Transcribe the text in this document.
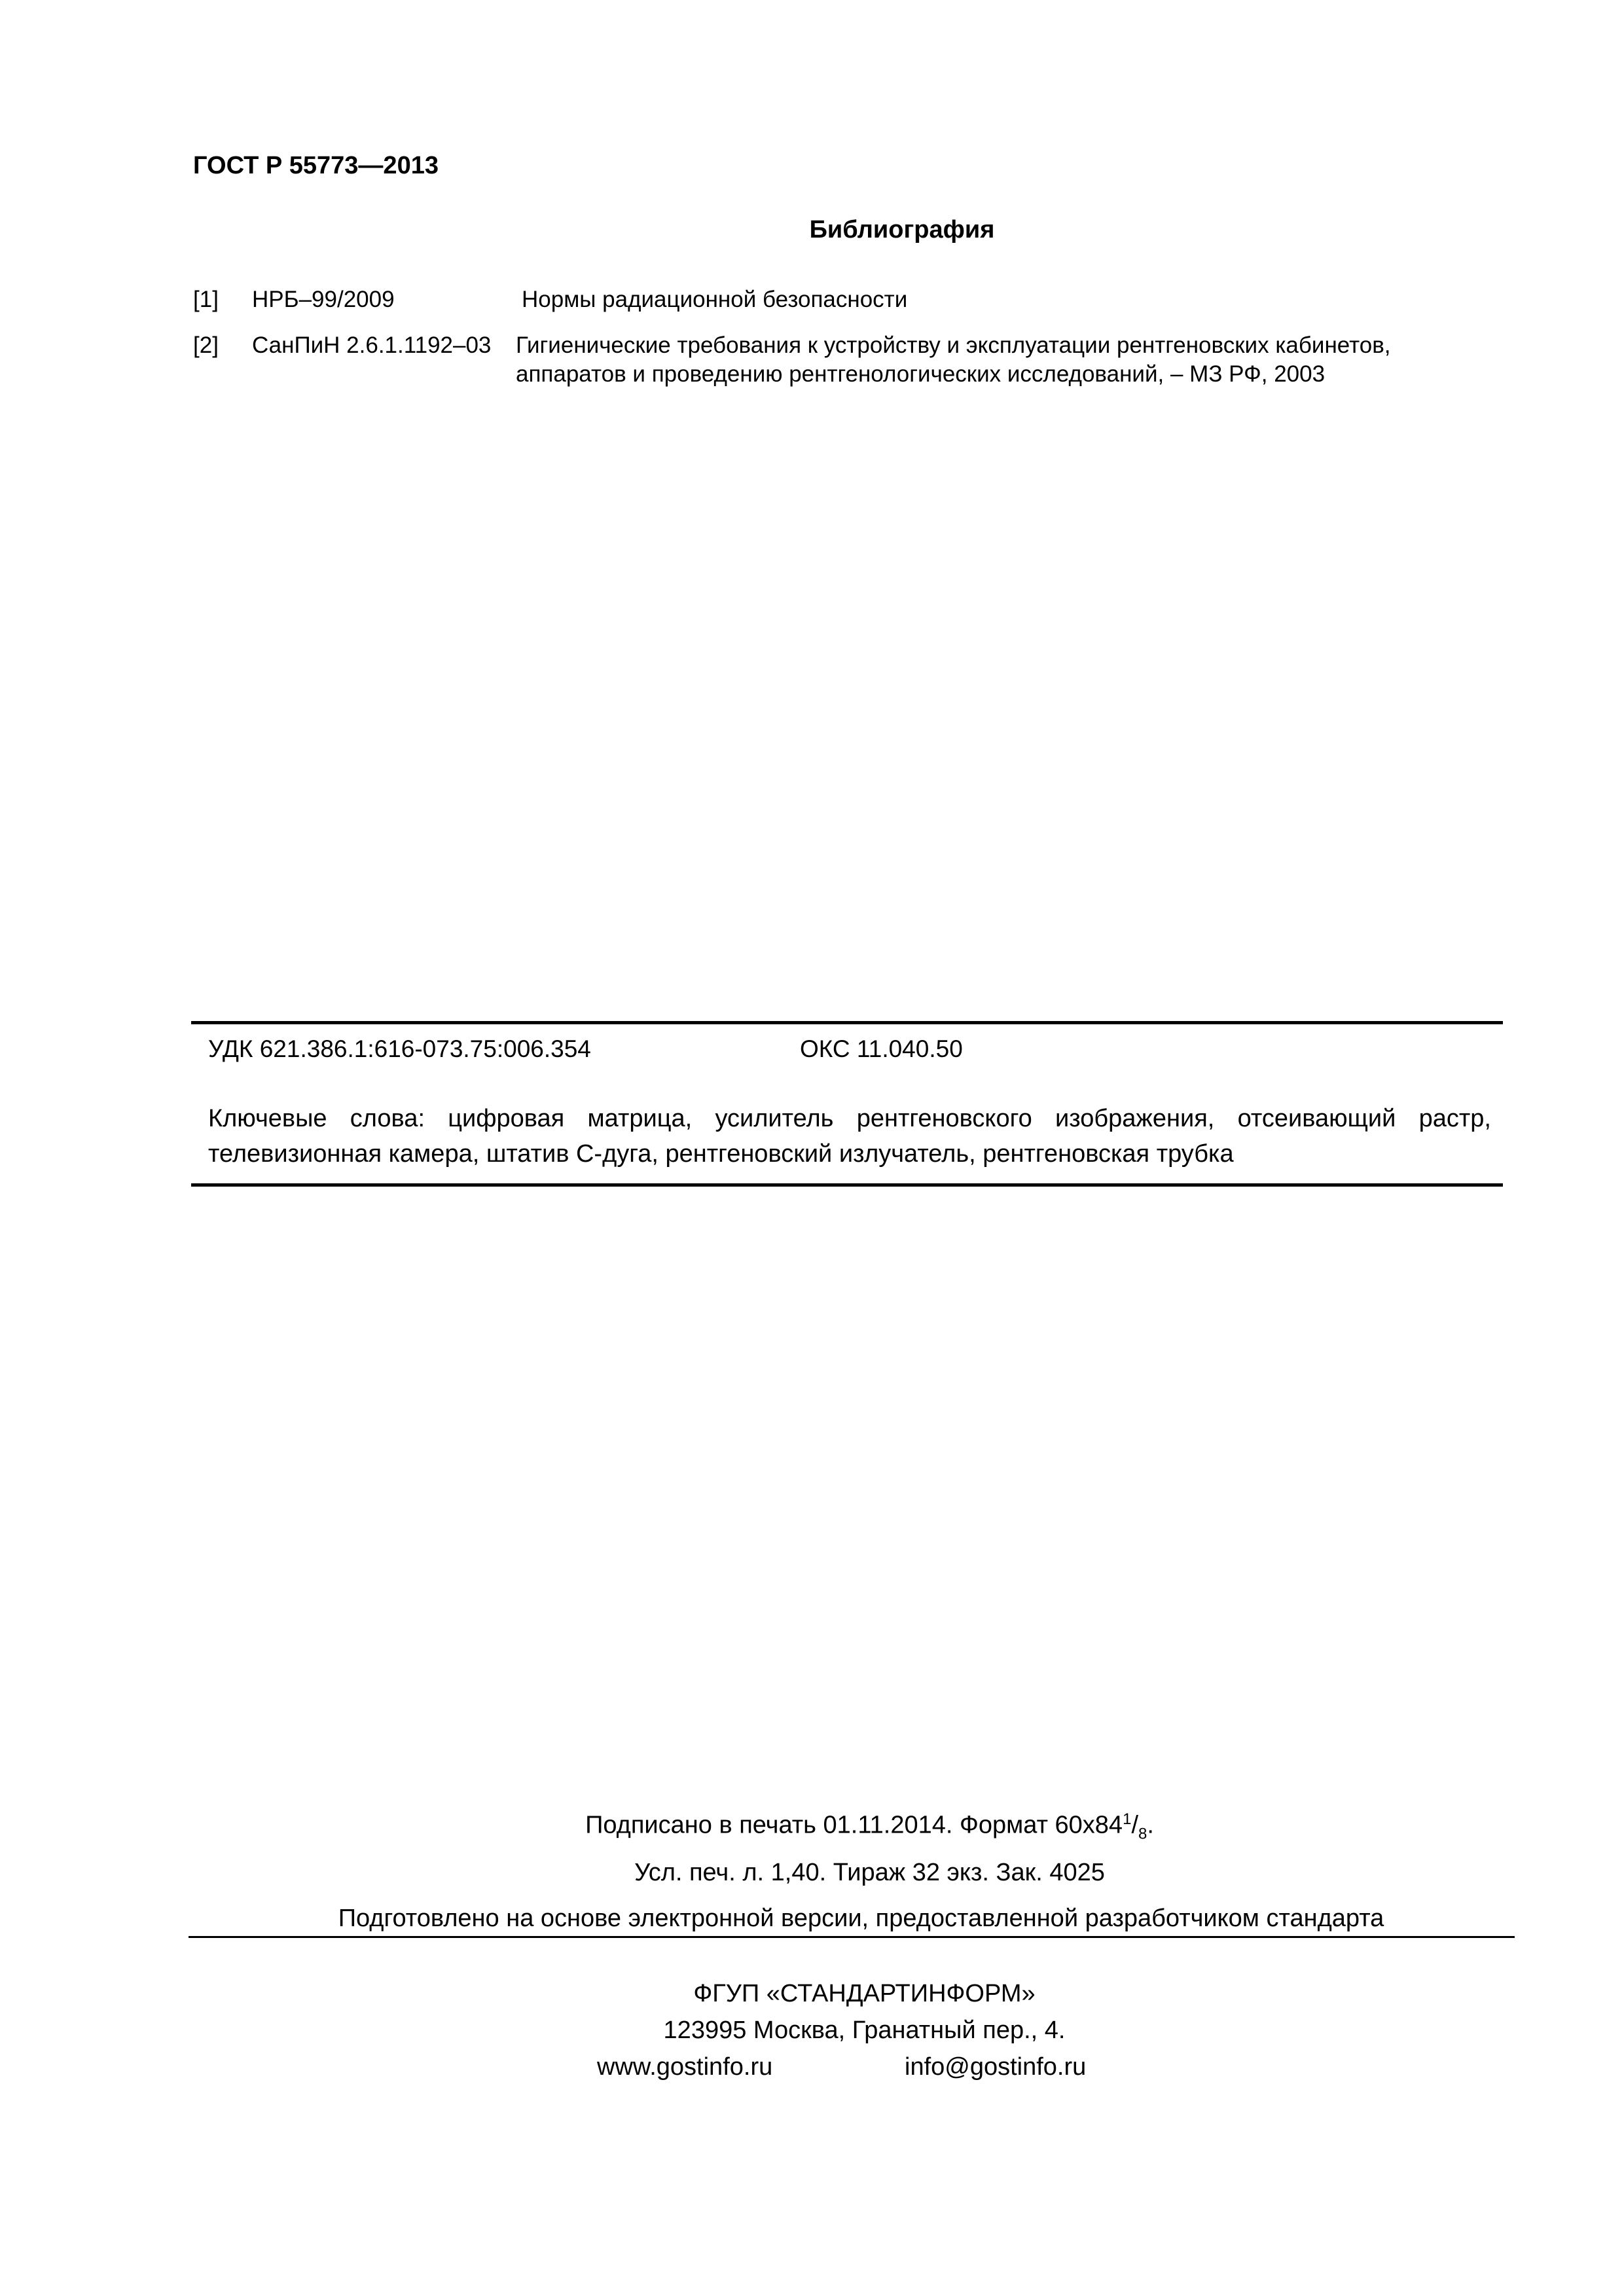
ГОСТ Р 55773—2013
Библиография
[1] НРБ–99/2009	Нормы радиационной безопасности
[2] СанПиН 2.6.1.1192–03 Гигиенические требования к устройству и эксплуатации рентгеновских кабинетов, аппаратов и проведению рентгенологических исследований, – МЗ РФ, 2003
УДК 621.386.1:616-073.75:006.354	ОКС 11.040.50
Ключевые слова: цифровая матрица, усилитель рентгеновского изображения, отсеивающий растр, телевизионная камера, штатив С-дуга, рентгеновский излучатель, рентгеновская трубка
Подписано в печать 01.11.2014. Формат $60х84^1/_8$.
Усл. печ. л. 1,40. Тираж 32 экз. Зак. 4025
Подготовлено на основе электронной версии, предоставленной разработчиком стандарта
ФГУП «СТАНДАРТИНФОРМ»
123995 Москва, Гранатный пер., 4.
www.gostinfo.ru	info@gostinfo.ru
